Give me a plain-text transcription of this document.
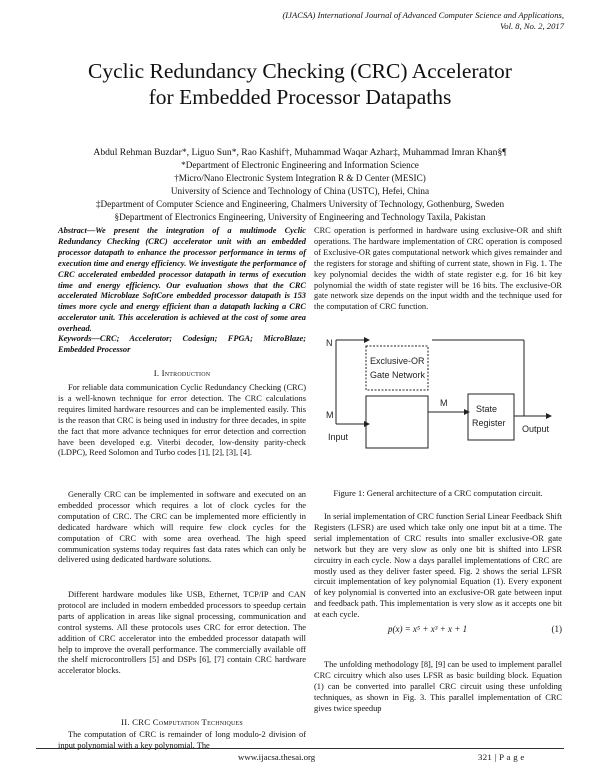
(IJACSA) International Journal of Advanced Computer Science and Applications,
Vol. 8, No. 2, 2017
Cyclic Redundancy Checking (CRC) Accelerator
for Embedded Processor Datapaths
Abdul Rehman Buzdar*, Liguo Sun*, Rao Kashif†, Muhammad Waqar Azhar‡, Muhammad Imran Khan§¶
*Department of Electronic Engineering and Information Science
†Micro/Nano Electronic System Integration R & D Center (MESIC)
University of Science and Technology of China (USTC), Hefei, China
‡Department of Computer Science and Engineering, Chalmers University of Technology, Gothenburg, Sweden
§Department of Electronics Engineering, University of Engineering and Technology Taxila, Pakistan

Abstract—We present the integration of a multimode Cyclic Redundancy Checking (CRC) accelerator unit with an embedded processor datapath to enhance the processor performance in terms of execution time and energy efficiency. We investigate the performance of CRC accelerated embedded processor datapath in terms of execution time and energy efficiency. Our evaluation shows that the CRC accelerated Microblaze SoftCore embedded processor datapath is 153 times more cycle and energy efficient than a datapath lacking a CRC accelerator unit. This acceleration is achieved at the cost of some area overhead.

Keywords—CRC; Accelerator; Codesign; FPGA; MicroBlaze; Embedded Processor

I. Introduction

For reliable data communication Cyclic Redundancy Checking (CRC) is a well-known technique for error detection. The CRC calculations requires limited hardware resources and can be implemented easily. This is the reason that CRC is being used in industry for three decades, in spite the fact that more advance techniques for error detection and correction have been developed e.g. Viterbi decoder, low-density parity-check (LDPC), Reed Solomon and Turbo codes [1], [2], [3], [4].

Generally CRC can be implemented in software and executed on an embedded processor which requires a lot of clock cycles for the computation of CRC. The CRC can be implemented more efficiently in dedicated hardware which will require few clock cycles for the computation of CRC with some area overhead. The high speed communication systems today requires fast data rates which can only be delivered using dedicated hardware solutions.

Different hardware modules like USB, Ethernet, TCP/IP and CAN protocol are included in modern embedded processors to speedup certain parts of application in areas like signal processing, communication and control systems. All these protocols uses CRC for error detection. The addition of CRC accelerator into the embedded processor datapath will help to improve the overall performance. The commercially available off the shelf microcontrollers [5] and DSPs [6], [7] contain CRC hardware accelerator blocks.

II. CRC Computation Techniques

The computation of CRC is remainder of long modulo-2 division of input polynomial with a key polynomial. The

CRC operation is performed in hardware using exclusive-OR and shift operations. The hardware implementation of CRC operation is composed of Exclusive-OR gates computational network which gives remainder and the registers for storage and shifting of current state, shown in Fig. 1. The key polynomial decides the width of state register e.g. for 16 bit key polynomial the width of state register will be 16 bits. The exclusive-OR gate network size depends on the input width and the technique used for the computation of CRC function.

N
M
M
Exclusive-OR
Gate Network
Input
State
Register
Output
Figure 1: General architecture of a CRC computation circuit.

In serial implementation of CRC function Serial Linear Feedback Shift Registers (LFSR) are used which take only one input bit at a time. The serial implementation of CRC results into smaller exclusive-OR gate network but they are very slow as only one bit is shifted into LFSR circuitry in each cycle. Now a days parallel implementations of CRC are mostly used as they deliver faster speed. Fig. 2 shows the serial LFSR circuit implementation of key polynomial Equation (1). Every exponent of key polynomial is converted into an exclusive-OR gate between input and feedback path. This implementation is very slow as it accepts one bit at each cycle.

p(x) = x⁵ + x³ + x + 1	(1)

The unfolding methodology [8], [9] can be used to implement parallel CRC circuitry which also uses LFSR as basic building block. Equation (1) can be converted into parallel CRC circuit using these unfolding techniques, as shown in Fig. 3. This parallel implementation of CRC gives twice speedup

www.ijacsa.thesai.org	321 | P a g e
